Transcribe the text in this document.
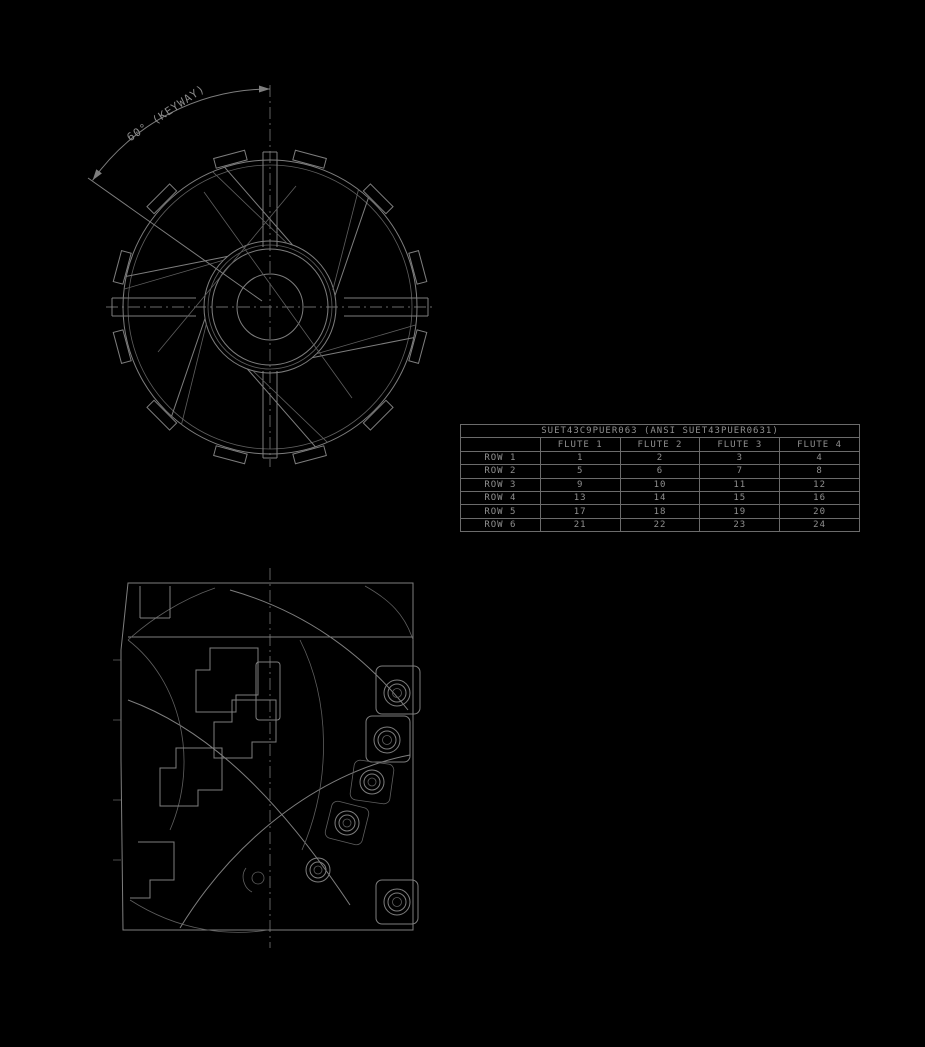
60° (KEYWAY)
SUET43C9PUER063 (ANSI SUET43PUER0631)				
	FLUTE 1	FLUTE 2	FLUTE 3	FLUTE 4
ROW 1	1	2	3	4
ROW 2	5	6	7	8
ROW 3	9	10	11	12
ROW 4	13	14	15	16
ROW 5	17	18	19	20
ROW 6	21	22	23	24
